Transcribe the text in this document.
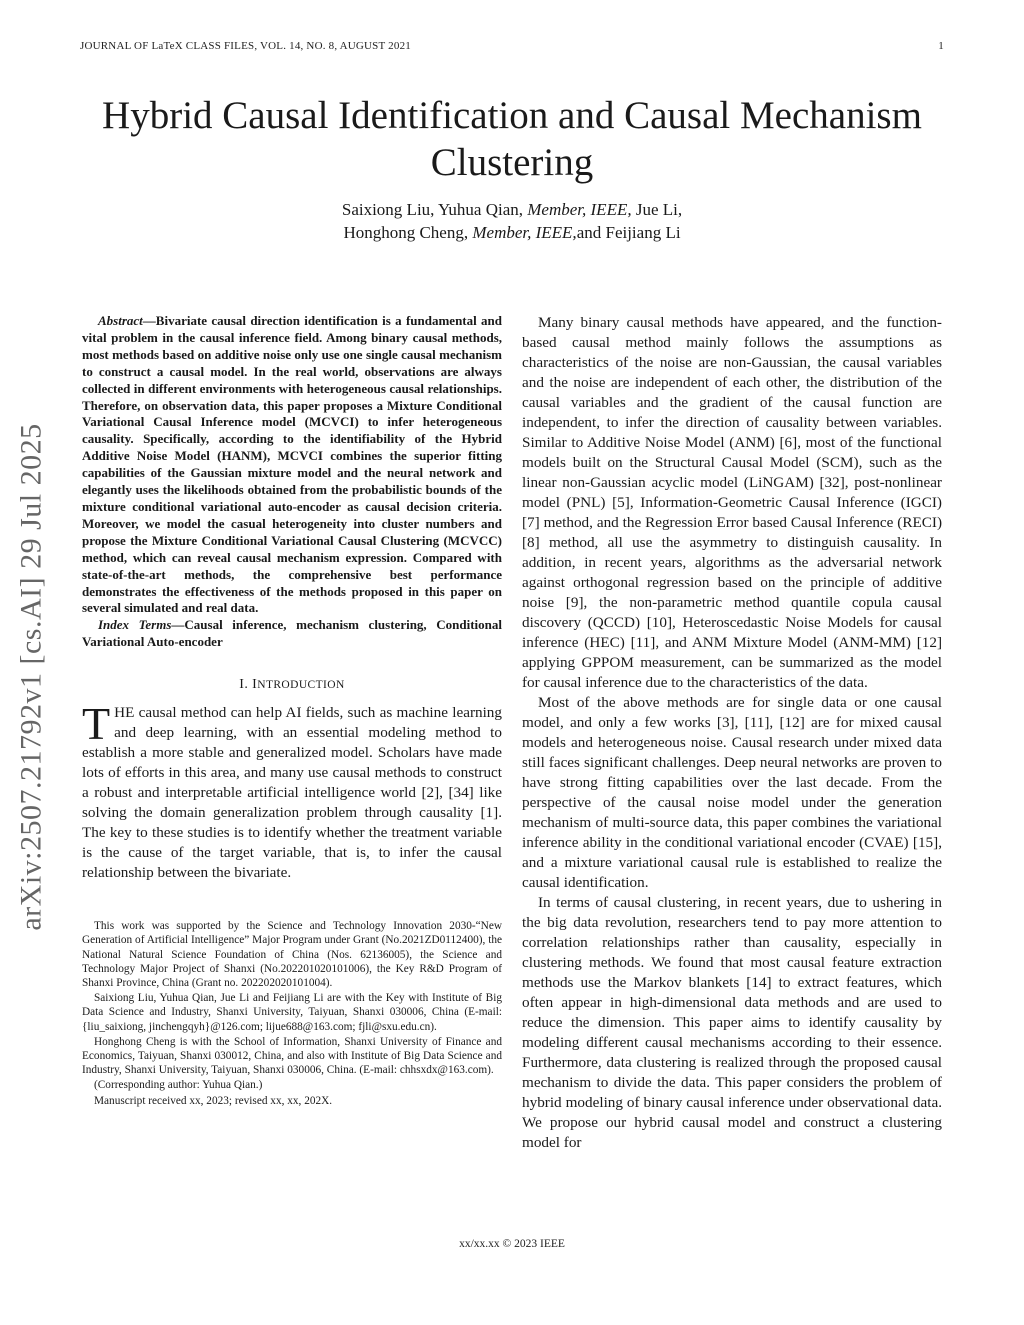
JOURNAL OF LaTeX CLASS FILES, VOL. 14, NO. 8, AUGUST 2021	1
arXiv:2507.21792v1 [cs.AI] 29 Jul 2025
Hybrid Causal Identification and Causal Mechanism Clustering
Saixiong Liu, Yuhua Qian, Member, IEEE, Jue Li,
Honghong Cheng, Member, IEEE,and Feijiang Li

Abstract—Bivariate causal direction identification is a fundamental and vital problem in the causal inference field. Among binary causal methods, most methods based on additive noise only use one single causal mechanism to construct a causal model. In the real world, observations are always collected in different environments with heterogeneous causal relationships. Therefore, on observation data, this paper proposes a Mixture Conditional Variational Causal Inference model (MCVCI) to infer heterogeneous causality. Specifically, according to the identifiability of the Hybrid Additive Noise Model (HANM), MCVCI combines the superior fitting capabilities of the Gaussian mixture model and the neural network and elegantly uses the likelihoods obtained from the probabilistic bounds of the mixture conditional variational auto-encoder as causal decision criteria. Moreover, we model the casual heterogeneity into cluster numbers and propose the Mixture Conditional Variational Causal Clustering (MCVCC) method, which can reveal causal mechanism expression. Compared with state-of-the-art methods, the comprehensive best performance demonstrates the effectiveness of the methods proposed in this paper on several simulated and real data.

Index Terms—Causal inference, mechanism clustering, Conditional Variational Auto-encoder

I. INTRODUCTION

THE causal method can help AI fields, such as machine learning and deep learning, with an essential modeling method to establish a more stable and generalized model. Scholars have made lots of efforts in this area, and many use causal methods to construct a robust and interpretable artificial intelligence world [2], [34] like solving the domain generalization problem through causality [1]. The key to these studies is to identify whether the treatment variable is the cause of the target variable, that is, to infer the causal relationship between the bivariate.

This work was supported by the Science and Technology Innovation 2030-“New Generation of Artificial Intelligence” Major Program under Grant (No.2021ZD0112400), the National Natural Science Foundation of China (Nos. 62136005), the Science and Technology Major Project of Shanxi (No.202201020101006), the Key R&D Program of Shanxi Province, China (Grant no. 202202020101004).

Saixiong Liu, Yuhua Qian, Jue Li and Feijiang Li are with the Key with Institute of Big Data Science and Industry, Shanxi University, Taiyuan, Shanxi 030006, China (E-mail: {liu_saixiong, jinchengqyh}@126.com; lijue688@163.com; fjli@sxu.edu.cn).

Honghong Cheng is with the School of Information, Shanxi University of Finance and Economics, Taiyuan, Shanxi 030012, China, and also with Institute of Big Data Science and Industry, Shanxi University, Taiyuan, Shanxi 030006, China. (E-mail: chhsxdx@163.com).

(Corresponding author: Yuhua Qian.)

Manuscript received xx, 2023; revised xx, xx, 202X.

Many binary causal methods have appeared, and the function-based causal method mainly follows the assumptions as characteristics of the noise are non-Gaussian, the causal variables and the noise are independent of each other, the distribution of the causal variables and the gradient of the causal function are independent, to infer the direction of causality between variables. Similar to Additive Noise Model (ANM) [6], most of the functional models built on the Structural Causal Model (SCM), such as the linear non-Gaussian acyclic model (LiNGAM) [32], post-nonlinear model (PNL) [5], Information-Geometric Causal Inference (IGCI) [7] method, and the Regression Error based Causal Inference (RECI) [8] method, all use the asymmetry to distinguish causality. In addition, in recent years, algorithms as the adversarial network against orthogonal regression based on the principle of additive noise [9], the non-parametric method quantile copula causal discovery (QCCD) [10], Heteroscedastic Noise Models for causal inference (HEC) [11], and ANM Mixture Model (ANM-MM) [12] applying GPPOM measurement, can be summarized as the model for causal inference due to the characteristics of the data.

Most of the above methods are for single data or one causal model, and only a few works [3], [11], [12] are for mixed causal models and heterogeneous noise. Causal research under mixed data still faces significant challenges. Deep neural networks are proven to have strong fitting capabilities over the last decade. From the perspective of the causal noise model under the generation mechanism of multi-source data, this paper combines the variational inference ability in the conditional variational encoder (CVAE) [15], and a mixture variational causal rule is established to realize the causal identification.

In terms of causal clustering, in recent years, due to ushering in the big data revolution, researchers tend to pay more attention to correlation relationships rather than causality, especially in clustering methods. We found that most causal feature extraction methods use the Markov blankets [14] to extract features, which often appear in high-dimensional data methods and are used to reduce the dimension. This paper aims to identify causality by modeling different causal mechanisms according to their essence. Furthermore, data clustering is realized through the proposed causal mechanism to divide the data. This paper considers the problem of hybrid modeling of binary causal inference under observational data. We propose our hybrid causal model and construct a clustering model for

xx/xx.xx © 2023 IEEE
